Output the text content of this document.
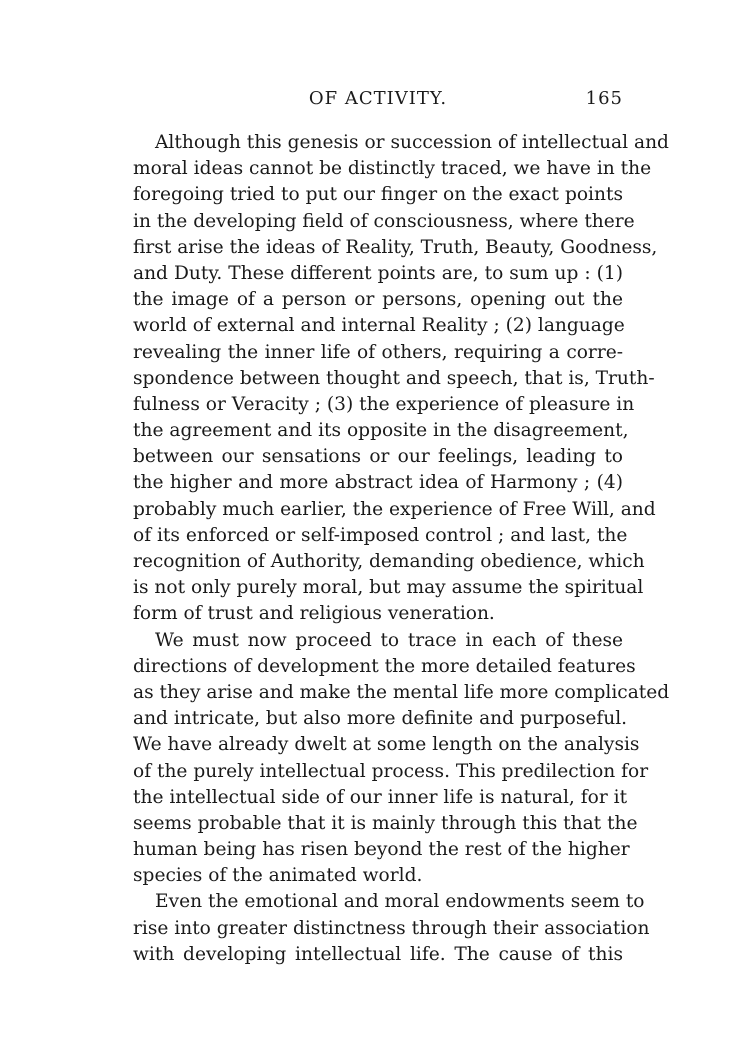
OF ACTIVITY.	165
Although this genesis or succession of intellectual and
moral ideas cannot be distinctly traced, we have in the
foregoing tried to put our finger on the exact points
in the developing field of consciousness, where there
first arise the ideas of Reality, Truth, Beauty, Goodness,
and Duty. These different points are, to sum up : (1)
the image of a person or persons, opening out the
world of external and internal Reality ; (2) language
revealing the inner life of others, requiring a corre-
spondence between thought and speech, that is, Truth-
fulness or Veracity ; (3) the experience of pleasure in
the agreement and its opposite in the disagreement,
between our sensations or our feelings, leading to
the higher and more abstract idea of Harmony ; (4)
probably much earlier, the experience of Free Will, and
of its enforced or self-imposed control ; and last, the
recognition of Authority, demanding obedience, which
is not only purely moral, but may assume the spiritual
form of trust and religious veneration.
We must now proceed to trace in each of these
directions of development the more detailed features
as they arise and make the mental life more complicated
and intricate, but also more definite and purposeful.
We have already dwelt at some length on the analysis
of the purely intellectual process. This predilection for
the intellectual side of our inner life is natural, for it
seems probable that it is mainly through this that the
human being has risen beyond the rest of the higher
species of the animated world.
Even the emotional and moral endowments seem to
rise into greater distinctness through their association
with developing intellectual life. The cause of this
